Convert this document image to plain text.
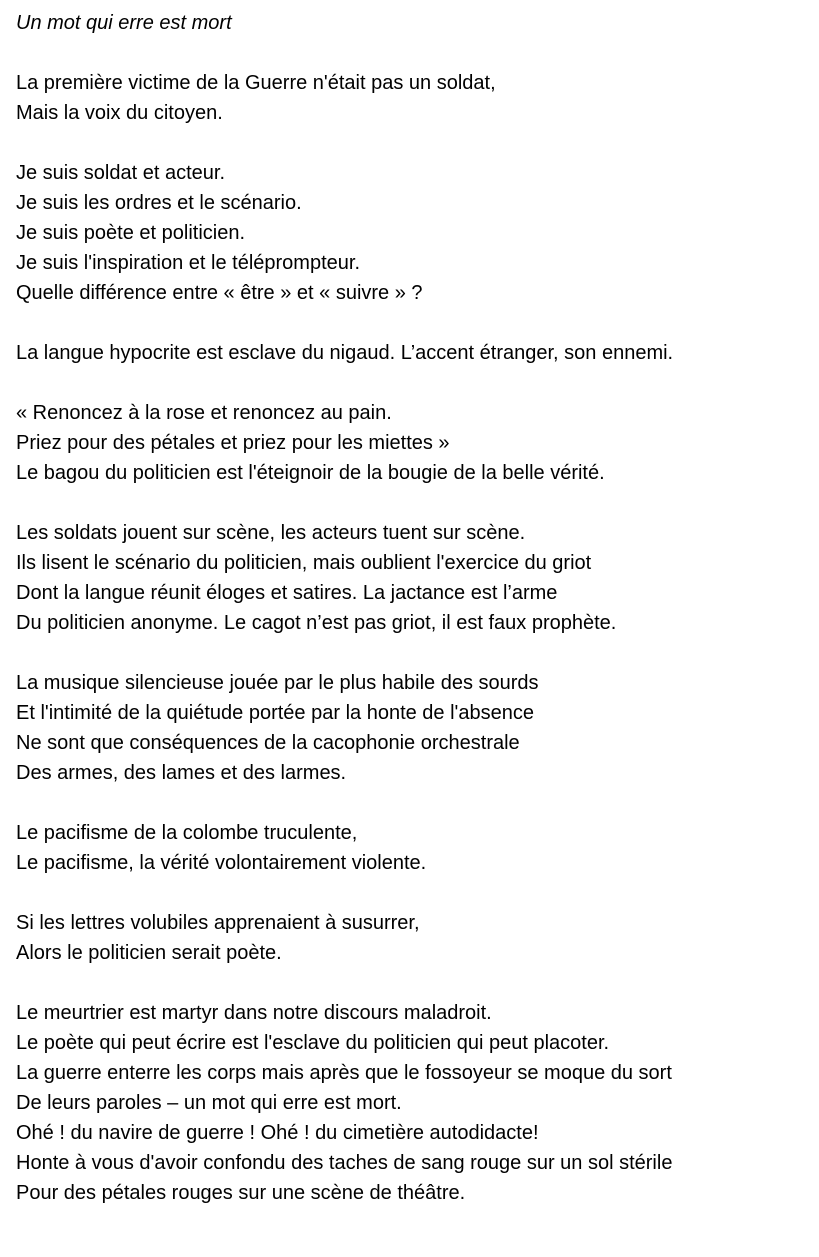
Un mot qui erre est mort

La première victime de la Guerre n'était pas un soldat,
Mais la voix du citoyen.
Je suis soldat et acteur.
Je suis les ordres et le scénario.
Je suis poète et politicien.
Je suis l'inspiration et le téléprompteur.
Quelle différence entre « être » et « suivre » ?
La langue hypocrite est esclave du nigaud. L’accent étranger, son ennemi.
« Renoncez à la rose et renoncez au pain.
Priez pour des pétales et priez pour les miettes »
Le bagou du politicien est l'éteignoir de la bougie de la belle vérité.
Les soldats jouent sur scène, les acteurs tuent sur scène.
Ils lisent le scénario du politicien, mais oublient l'exercice du griot
Dont la langue réunit éloges et satires. La jactance est l’arme
Du politicien anonyme. Le cagot n’est pas griot, il est faux prophète.
La musique silencieuse jouée par le plus habile des sourds
Et l'intimité de la quiétude portée par la honte de l'absence
Ne sont que conséquences de la cacophonie orchestrale
Des armes, des lames et des larmes.
Le pacifisme de la colombe truculente,
Le pacifisme, la vérité volontairement violente.
Si les lettres volubiles apprenaient à susurrer,
Alors le politicien serait poète.
Le meurtrier est martyr dans notre discours maladroit.
Le poète qui peut écrire est l'esclave du politicien qui peut placoter.
La guerre enterre les corps mais après que le fossoyeur se moque du sort
De leurs paroles – un mot qui erre est mort.
Ohé ! du navire de guerre ! Ohé ! du cimetière autodidacte!
Honte à vous d'avoir confondu des taches de sang rouge sur un sol stérile
Pour des pétales rouges sur une scène de théâtre.
